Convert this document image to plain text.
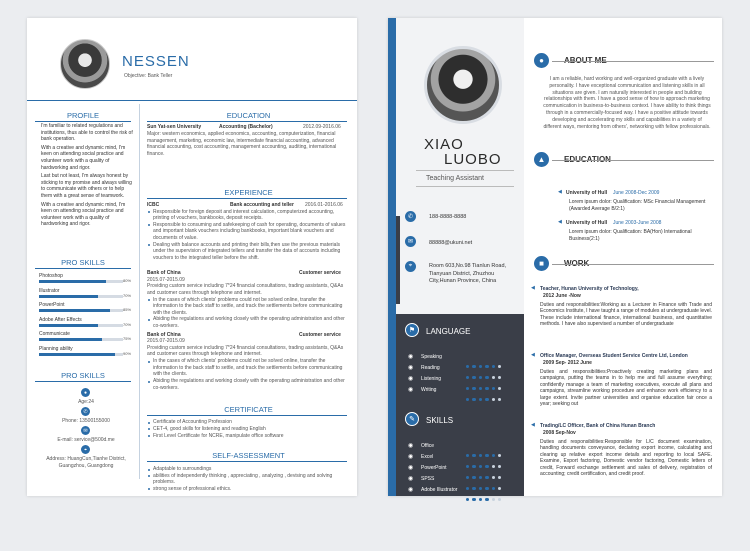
NESSEN
Objective: Bank Teller
PROFILE

I'm familiar to related regulations and institutions, thus able to control the risk of bank operation.

With a creative and dynamic mind, I'm keen on attending social practice and volunteer work with a quality of hardworking and rigor.

Last but not least, I'm always honest by sticking to my promise and always willing to communicate with others or to help them with a great sense of teamwork.

With a creative and dynamic mind, I'm keen on attending social practice and volunteer work with a quality of hardworking and rigor.

PRO SKILLS
PRO SKILLS
●
Age:24
✆
Phone: 13500155000
✉
E-mail: service@500d.me
⌖
Address: HuangCun,Tianhe District, Guangzhou, Guangdong
EDUCATION
Sun Yat-sen University	Accounting (Bachelor)	2012.09-2016.06
Major: western economics, applied economics, accounting, computerization, financial management, marketing, economic law, intermediate financial accounting, advanced financial accounting, cost accounting, management accounting, auditing, international finance.
EXPERIENCE
CERTIFICATE
SELF-ASSESSMENT
Photoshop
80%
Illustrator
70%
PowerPoint
85%
Adobe After Effects
70%
Communicate
75%
Planning ability
90%
ICBC	Bank accounting and teller 2016.01-2016.06
Responsible for foreign deposit and interest calculation, computerized accounting, printing of vouchers, bankbooks, deposit receipts.
Responsible to consuming and safekeeping of cash for operating, documents of values and important blank vouchers including bankbooks, important blank vouchers and documents of value.
Dealing with balance accounts and printing their bills,then use the previous materials under the supervision of integrated tellers and transfer the data of accounts including vouchers to the integrated teller before the shift.
Bank of China	Customer service
2015.07-2015.09
Providing custom service including 7*24 financial consultations, trading assistants, Q&As and customer cares through telephone and internet.
In the cases of which clients' problems could not be solved online, transfer the information to the back staff to settle, and track the settlements before communicating with the clients.
Abiding the regulations and working closely with the operating administration and other co-workers.
Bank of China	Customer service
2015.07-2015.09
Providing custom service including 7*24 financial consultations, trading assistants, Q&As and customer cares through telephone and internet.
In the cases of which clients' problems could not be solved online, transfer the information to the back staff to settle, and track the settlements before communicating with the clients.
Abiding the regulations and working closely with the operating administration and other co-workers.
Certificate of Accounting Profession
CET-4, good skills for listening and reading English
First Level Certificate for NCRE, manipulate office software
Adaptable to surroundings
abilities of independently thinking , appreciating , analyzing , devising and solving problems.
strong sense of professional ethics.
XIAO
LUOBO
Teaching Assistant
✆	188-8888-8888
✉	88888@ukuni.net
⌖	Room 603,No.98 Tianlun Road, Tianyuan District, Zhuzhou City,Hunan Province, China
⚑	LANGUAGE
✎	SKILLS
●	ABOUT ME
I am a reliable, hard working and well-organized graduate with a lively personality. I have exceptional communication and listening skills in all situations are given. I am naturally interested in people and building relationships with them. I have a good sense of how to approach marketing communication in business-to-business context. I have ability to think things through in a commercially-focused way. I have a positive attitude towards developing and accelerating my skills and capabilities in a variety of different ways, mentoring from others', networking with fellow professionals.
▲	EDUCATION
■	WORK
◉ Speaking
◉ Reading
◉ Listening
◉ Writing
◉ Office
◉ Excel
◉ PowerPoint
◉ SPSS
◉ Adobe Illustrator
◀ University of Hull June 2008-Dec 2009
Lorem ipsum dolor: Qualification: MSc Financial Management (Awarded Average B/2:1)
◀ University of Hull June 2003-June 2008
Lorem ipsum dolor: Qualification: BA(Hon) International Business(2:1)
◀ Teacher, Hunan University of Technology,
2012 June -Now
Duties and responsibilities:Working as a Lecturer in Finance with Trade and Economics Institute, I have taught a range of modules at undergraduate level. These include international finance, international business, and quantitative methods. I have also supervised a number of undergraduate
◀ Office Manager, Overseas Student Service Centre Ltd, London
2009 Sep- 2012 June
Duties and responsibilities:Proactively creating marketing plans and campaigns, putting the teams in to help me and full assume everything; confidently manage a team of marketing executives, execute all plans and campaigns, streamline working procedure and enhance work efficiency to a large extent. Invite partner universities and organise education fair once a year; seeking out
◀ Trading/LC Officer, Bank of China Hunan Branch
2008 Sep-Nov
Duties and responsibilities:Responsible for L/C document examination, handling documents conveyance, declaring export income, calculating and clearing up relative export income details and reporting to local SAFE. Examine, Export factoring, Domestic vendor factoring, Domestic letters of credit, Forward exchange settlement and sales of delivery, registration of accounting; credit certification, and credit proof.
